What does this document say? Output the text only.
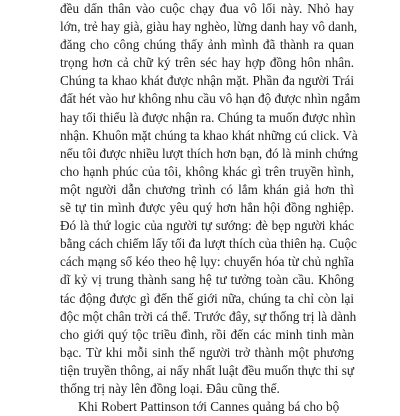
đều dấn thân vào cuộc chạy đua vô lối này. Nhỏ hay
lớn, trẻ hay già, giàu hay nghèo, lừng danh hay vô danh,
đăng cho công chúng thấy ảnh mình đã thành ra quan
trọng hơn cả chữ ký trên séc hay hợp đồng hôn nhân.
Chúng ta khao khát được nhận mặt. Phần đa người Trái
đất hét vào hư không nhu cầu vô hạn độ được nhìn ngắm
hay tối thiểu là được nhận ra. Chúng ta muốn được nhìn
nhận. Khuôn mặt chúng ta khao khát những cú click. Và
nếu tôi được nhiều lượt thích hơn bạn, đó là minh chứng
cho hạnh phúc của tôi, không khác gì trên truyền hình,
một người dẫn chương trình có lắm khán giả hơn thì
sẽ tự tin mình được yêu quý hơn hẳn hội đồng nghiệp.
Đó là thứ logic của người tự sướng: đè bẹp người khác
bằng cách chiếm lấy tối đa lượt thích của thiên hạ. Cuộc
cách mạng số kéo theo hệ lụy: chuyển hóa từ chủ nghĩa
dĩ kỷ vị trung thành sang hệ tư tưởng toàn cầu. Không
tác động được gì đến thế giới nữa, chúng ta chỉ còn lại
độc một chân trời cá thể. Trước đây, sự thống trị là dành
cho giới quý tộc triều đình, rồi đến các minh tinh màn
bạc. Từ khi mỗi sinh thể người trở thành một phương
tiện truyền thông, ai nấy nhất luật đều muốn thực thi sự
thống trị này lên đồng loại. Đâu cũng thế.
Khi Robert Pattinson tới Cannes quảng bá cho bộ
